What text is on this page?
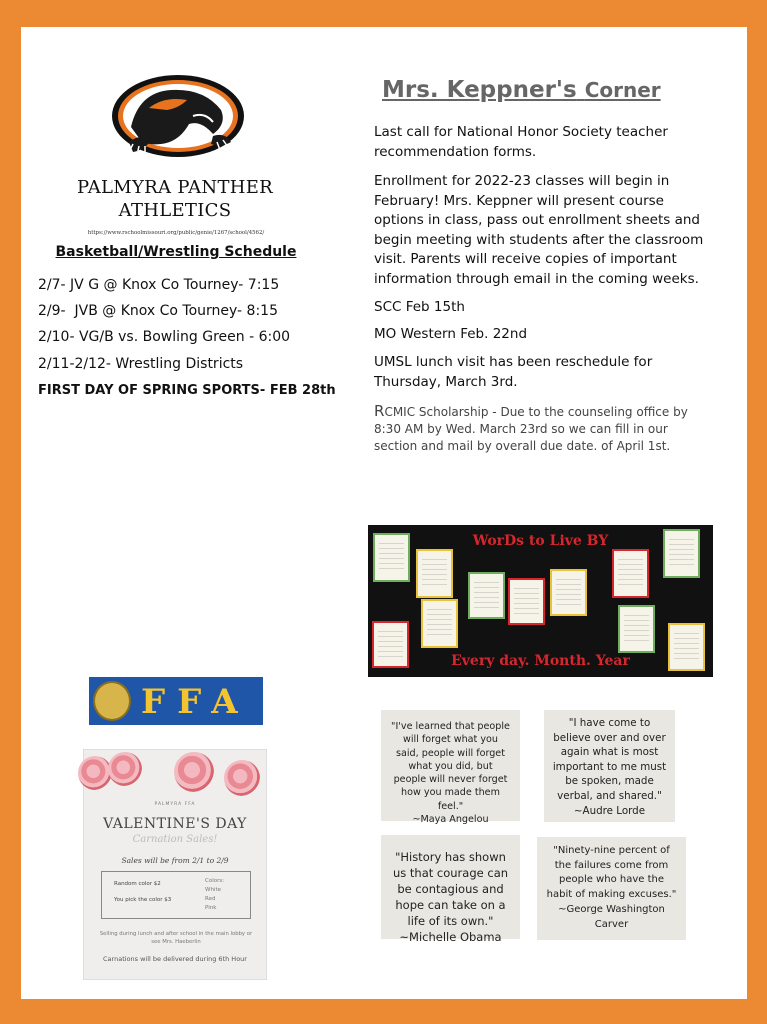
PALMYRA PANTHER
ATHLETICS
https://www.rschoolmissouri.org/public/genie/1267/school/4562/
Basketball/Wrestling Schedule
2/7- JV G @ Knox Co Tourney- 7:15
2/9-  JVB @ Knox Co Tourney- 8:15
2/10- VG/B vs. Bowling Green - 6:00
2/11-2/12- Wrestling Districts
FIRST DAY OF SPRING SPORTS- FEB 28th
Mrs. Keppner's Corner
Last call for National Honor Society teacher recommendation forms.
Enrollment for 2022-23 classes will begin in February! Mrs. Keppner will present course options in class, pass out enrollment sheets and begin meeting with students after the classroom visit. Parents will receive copies of important information through email in the coming weeks.
SCC Feb 15th
MO Western Feb. 22nd
UMSL lunch visit has been reschedule for Thursday, March 3rd.
RCMIC Scholarship - Due to the counseling office by 8:30 AM by Wed. March 23rd so we can fill in our section and mail by overall due date. of April 1st.
WorDs to Live BY
Every day. Month. Year
FFA
PALMYRA FFA
VALENTINE'S DAY
Carnation Sales!
Sales will be from 2/1 to 2/9
Random color $2
You pick the color $3
Colors:
White
Red
Pink
Selling during lunch and after school in the main lobby or see Mrs. Haeberlin
Carnations will be delivered during 6th Hour
"I've learned that people will forget what you said, people will forget what you did, but people will never forget how you made them feel."
~Maya Angelou
"I have come to believe over and over again what is most important to me must be spoken, made verbal, and shared."
~Audre Lorde
"History has shown us that courage can be contagious and hope can take on a life of its own."
~Michelle Obama
"Ninety-nine percent of the failures come from people who have the habit of making excuses."
~George Washington Carver
